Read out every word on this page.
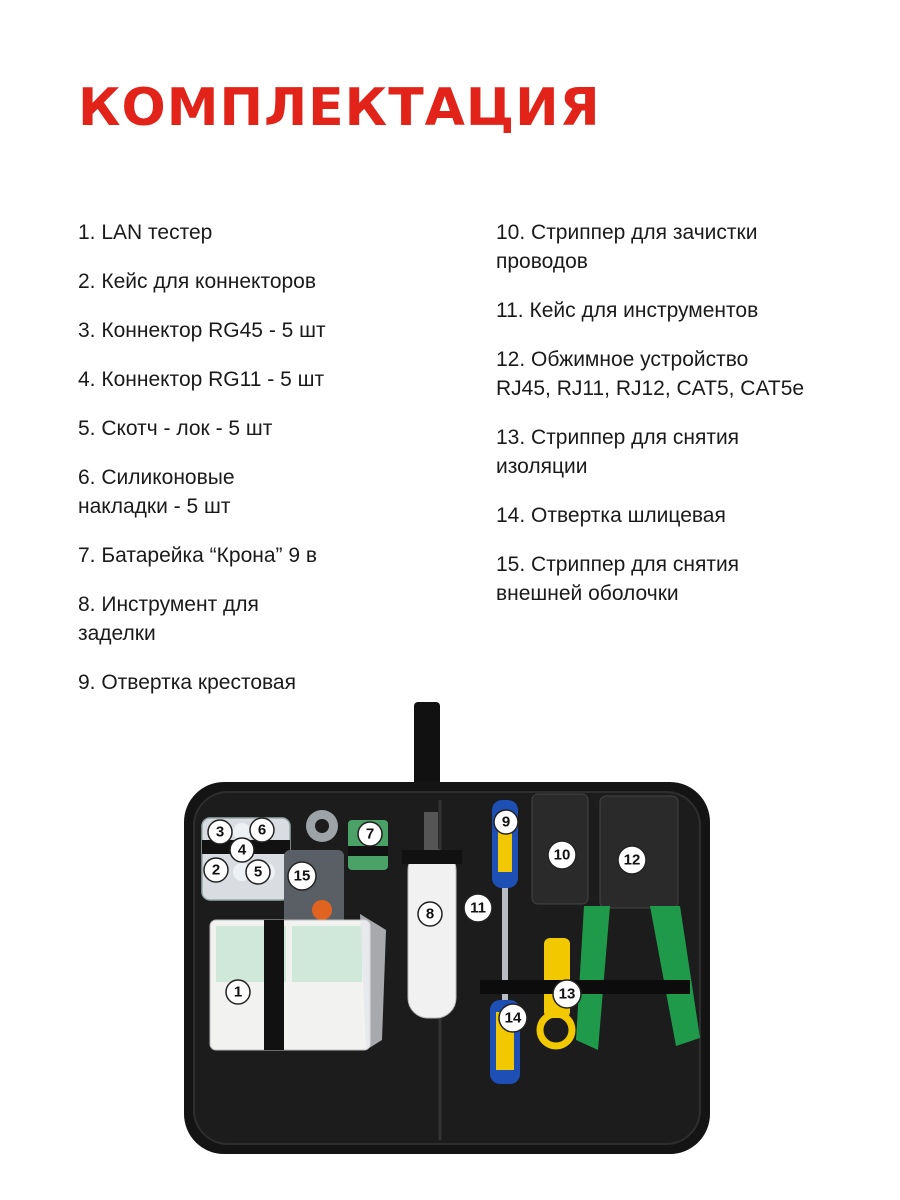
КОМПЛЕКТАЦИЯ
1. LAN тестер
2. Кейс для коннекторов
3. Коннектор RG45 - 5 шт
4. Коннектор RG11 - 5 шт
5. Скотч - лок - 5 шт
6. Силиконовые
накладки - 5 шт
7. Батарейка “Крона” 9 в
8. Инструмент для
заделки
9. Отвертка крестовая
10. Стриппер для зачистки
проводов
11. Кейс для инструментов
12. Обжимное устройство
RJ45, RJ11, RJ12, CAT5, CAT5e
13. Стриппер для снятия
изоляции
14. Отвертка шлицевая
15. Стриппер для снятия
внешней оболочки
1
2
3
4
5
6	7
8
9
10
11
12
13
14
15
